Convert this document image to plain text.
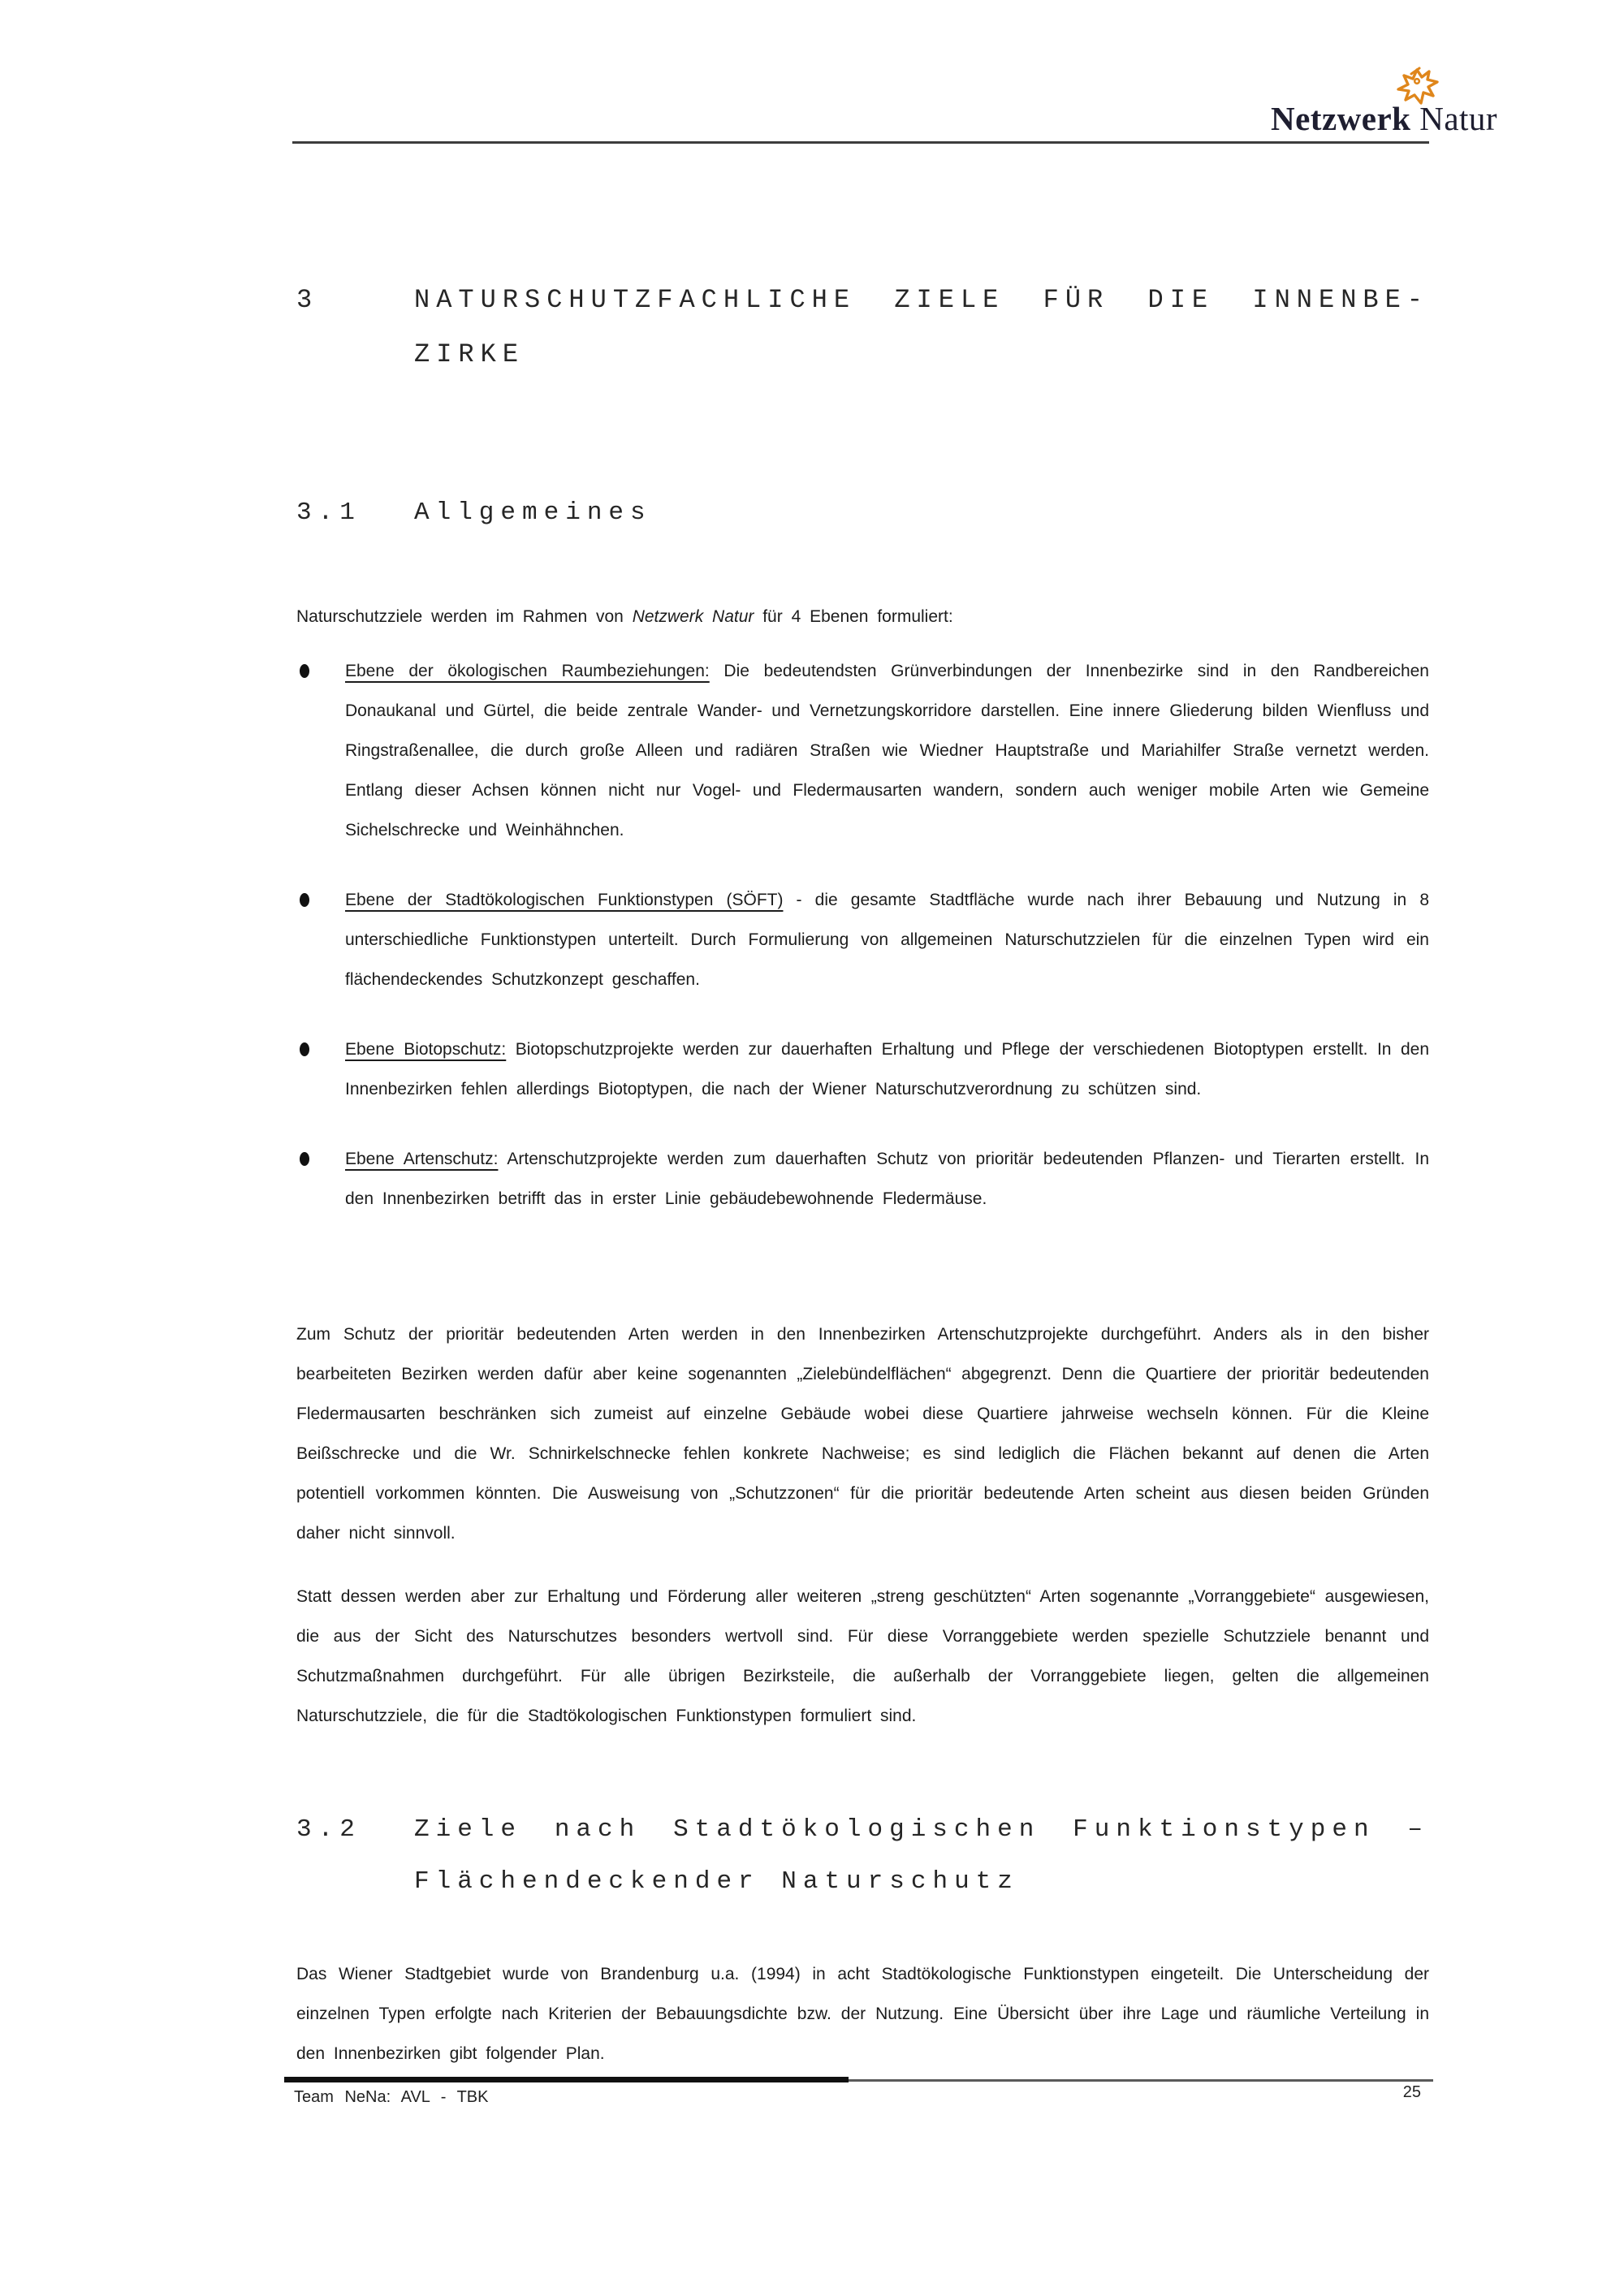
Netzwerk Natur
3	NATURSCHUTZFACHLICHE ZIELE FÜR DIE INNENBE-
ZIRKE
3.1 Allgemeines

Naturschutzziele werden im Rahmen von Netzwerk Natur für 4 Ebenen formuliert:

Ebene der ökologischen Raumbeziehungen: Die bedeutendsten Grünverbindungen der Innenbezirke sind in den Randbereichen Donaukanal und Gürtel, die beide zentrale Wander- und Vernetzungskorridore darstellen. Eine innere Gliederung bilden Wienfluss und Ringstraßenallee, die durch große Alleen und radiären Straßen wie Wiedner Hauptstraße und Mariahilfer Straße vernetzt werden. Entlang dieser Achsen können nicht nur Vogel- und Fledermausarten wandern, sondern auch weniger mobile Arten wie Gemeine Sichelschrecke und Weinhähnchen.
Ebene der Stadtökologischen Funktionstypen (SÖFT) - die gesamte Stadtfläche wurde nach ihrer Bebauung und Nutzung in 8 unterschiedliche Funktionstypen unterteilt. Durch Formulierung von allgemeinen Naturschutzzielen für die einzelnen Typen wird ein flächendeckendes Schutzkonzept geschaffen.
Ebene Biotopschutz: Biotopschutzprojekte werden zur dauerhaften Erhaltung und Pflege der verschiedenen Biotoptypen erstellt. In den Innenbezirken fehlen allerdings Biotoptypen, die nach der Wiener Naturschutzverordnung zu schützen sind.
Ebene Artenschutz: Artenschutzprojekte werden zum dauerhaften Schutz von prioritär bedeutenden Pflanzen- und Tierarten erstellt. In den Innenbezirken betrifft das in erster Linie gebäudebewohnende Fledermäuse.

Zum Schutz der prioritär bedeutenden Arten werden in den Innenbezirken Artenschutzprojekte durchgeführt. Anders als in den bisher bearbeiteten Bezirken werden dafür aber keine sogenannten „Zielebündelflächen“ abgegrenzt. Denn die Quartiere der prioritär bedeutenden Fledermausarten beschränken sich zumeist auf einzelne Gebäude wobei diese Quartiere jahrweise wechseln können. Für die Kleine Beißschrecke und die Wr. Schnirkelschnecke fehlen konkrete Nachweise; es sind lediglich die Flächen bekannt auf denen die Arten potentiell vorkommen könnten. Die Ausweisung von „Schutzzonen“ für die prioritär bedeutende Arten scheint aus diesen beiden Gründen daher nicht sinnvoll.

Statt dessen werden aber zur Erhaltung und Förderung aller weiteren „streng geschützten“ Arten sogenannte „Vorranggebiete“ ausgewiesen, die aus der Sicht des Naturschutzes besonders wertvoll sind. Für diese Vorranggebiete werden spezielle Schutzziele benannt und Schutzmaßnahmen durchgeführt. Für alle übrigen Bezirksteile, die außerhalb der Vorranggebiete liegen, gelten die allgemeinen Naturschutzziele, die für die Stadtökologischen Funktionstypen formuliert sind.

3.2 Ziele nach Stadtökologischen Funktionstypen –
Flächendeckender Naturschutz

Das Wiener Stadtgebiet wurde von Brandenburg u.a. (1994) in acht Stadtökologische Funktionstypen eingeteilt. Die Unterscheidung der einzelnen Typen erfolgte nach Kriterien der Bebauungsdichte bzw. der Nutzung. Eine Übersicht über ihre Lage und räumliche Verteilung in den Innenbezirken gibt folgender Plan.

Team NeNa: AVL - TBK	25
